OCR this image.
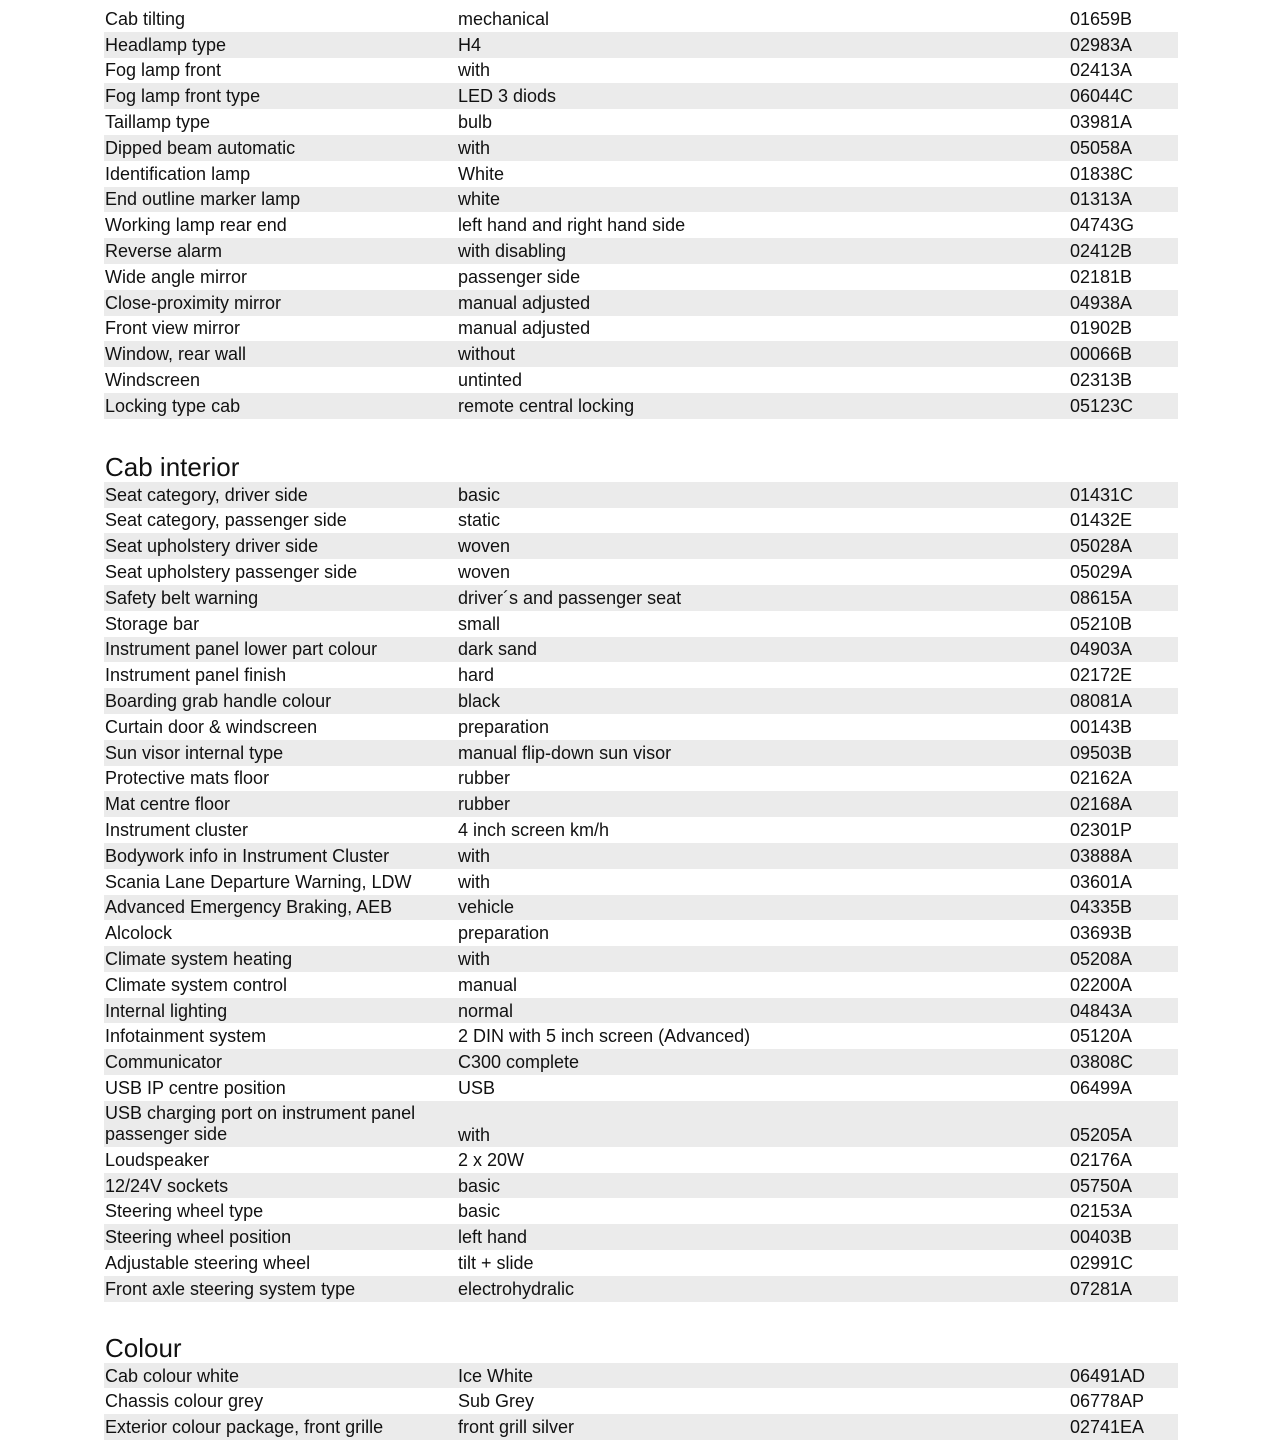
Cab tilting	mechanical	01659B
Headlamp type	H4	02983A
Fog lamp front	with	02413A
Fog lamp front type	LED 3 diods	06044C
Taillamp type	bulb	03981A
Dipped beam automatic	with	05058A
Identification lamp	White	01838C
End outline marker lamp	white	01313A
Working lamp rear end	left hand and right hand side	04743G
Reverse alarm	with disabling	02412B
Wide angle mirror	passenger side	02181B
Close-proximity mirror	manual adjusted	04938A
Front view mirror	manual adjusted	01902B
Window, rear wall	without	00066B
Windscreen	untinted	02313B
Locking type cab	remote central locking	05123C
Cab interior
Seat category, driver side	basic	01431C
Seat category, passenger side	static	01432E
Seat upholstery driver side	woven	05028A
Seat upholstery passenger side	woven	05029A
Safety belt warning	driver´s and passenger seat	08615A
Storage bar	small	05210B
Instrument panel lower part colour	dark sand	04903A
Instrument panel finish	hard	02172E
Boarding grab handle colour	black	08081A
Curtain door & windscreen	preparation	00143B
Sun visor internal type	manual flip-down sun visor	09503B
Protective mats floor	rubber	02162A
Mat centre floor	rubber	02168A
Instrument cluster	4 inch screen km/h	02301P
Bodywork info in Instrument Cluster	with	03888A
Scania Lane Departure Warning, LDW	with	03601A
Advanced Emergency Braking, AEB	vehicle	04335B
Alcolock	preparation	03693B
Climate system heating	with	05208A
Climate system control	manual	02200A
Internal lighting	normal	04843A
Infotainment system	2 DIN with 5 inch screen (Advanced)	05120A
Communicator	C300 complete	03808C
USB IP centre position	USB	06499A
USB charging port on instrument panel passenger side	with	05205A
Loudspeaker	2 x 20W	02176A
12/24V sockets	basic	05750A
Steering wheel type	basic	02153A
Steering wheel position	left hand	00403B
Adjustable steering wheel	tilt + slide	02991C
Front axle steering system type	electrohydralic	07281A
Colour
Cab colour white	Ice White	06491AD
Chassis colour grey	Sub Grey	06778AP
Exterior colour package, front grille	front grill silver	02741EA
